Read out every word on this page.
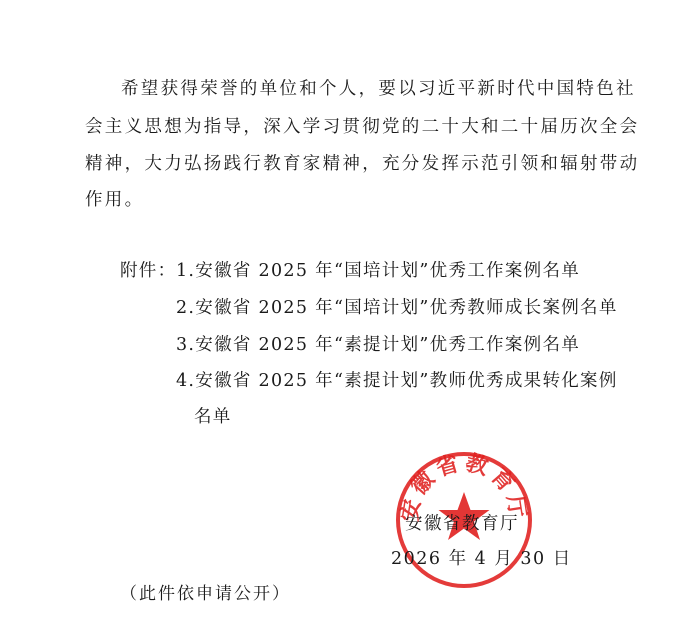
希望获得荣誉的单位和个人，要以习近平新时代中国特色社
会主义思想为指导，深入学习贯彻党的二十大和二十届历次全会
精神，大力弘扬践行教育家精神，充分发挥示范引领和辐射带动
作用。
附件： 1.安徽省 2025 年“国培计划”优秀工作案例名单
2.安徽省 2025 年“国培计划”优秀教师成长案例名单
3.安徽省 2025 年“素提计划”优秀工作案例名单
4.安徽省 2025 年“素提计划”教师优秀成果转化案例
名单
安徽省教育厅
安徽省教育厅
2026 年 4 月 30 日
（此件依申请公开）
